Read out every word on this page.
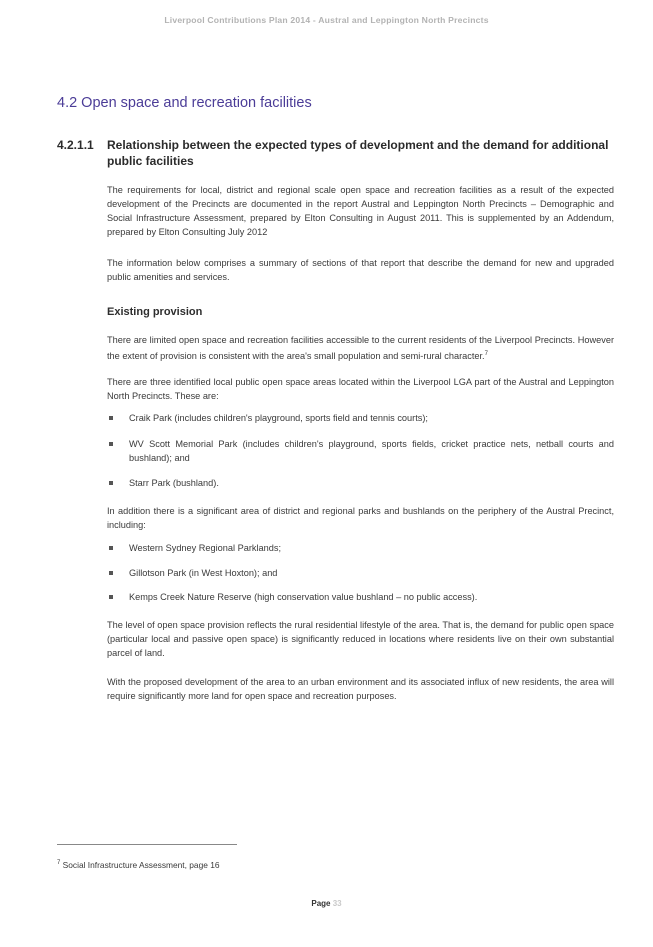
Liverpool Contributions Plan 2014 - Austral and Leppington North Precincts
4.2 Open space and recreation facilities
4.2.1.1 Relationship between the expected types of development and the demand for additional public facilities

The requirements for local, district and regional scale open space and recreation facilities as a result of the expected development of the Precincts are documented in the report Austral and Leppington North Precincts – Demographic and Social Infrastructure Assessment, prepared by Elton Consulting in August 2011. This is supplemented by an Addendum, prepared by Elton Consulting July 2012

The information below comprises a summary of sections of that report that describe the demand for new and upgraded public amenities and services.

Existing provision

There are limited open space and recreation facilities accessible to the current residents of the Liverpool Precincts. However the extent of provision is consistent with the area's small population and semi-rural character.$^7$

There are three identified local public open space areas located within the Liverpool LGA part of the Austral and Leppington North Precincts. These are:

Craik Park (includes children's playground, sports field and tennis courts);
WV Scott Memorial Park (includes children's playground, sports fields, cricket practice nets, netball courts and bushland); and
Starr Park (bushland).

In addition there is a significant area of district and regional parks and bushlands on the periphery of the Austral Precinct, including:

Western Sydney Regional Parklands;
Gillotson Park (in West Hoxton); and
Kemps Creek Nature Reserve (high conservation value bushland – no public access).

The level of open space provision reflects the rural residential lifestyle of the area. That is, the demand for public open space (particular local and passive open space) is significantly reduced in locations where residents live on their own substantial parcel of land.

With the proposed development of the area to an urban environment and its associated influx of new residents, the area will require significantly more land for open space and recreation purposes.

$^7$ Social Infrastructure Assessment, page 16
Page 33
